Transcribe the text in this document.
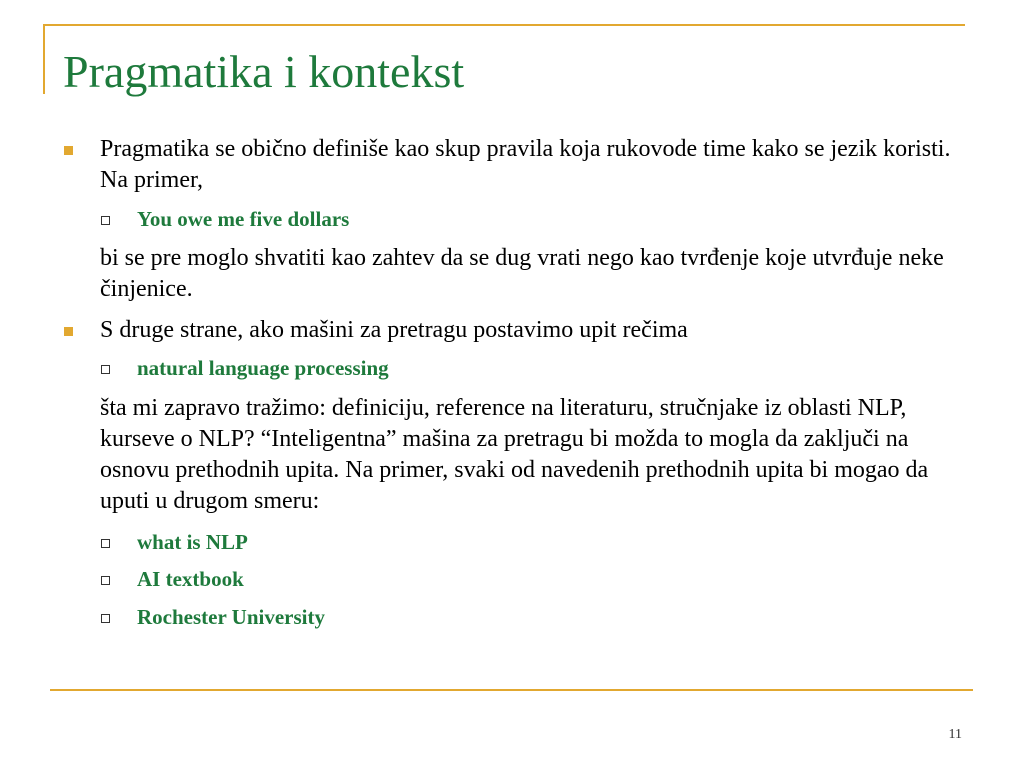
Pragmatika i kontekst
Pragmatika se obično definiše kao skup pravila koja rukovode time kako se jezik koristi. Na primer,
You owe me five dollars
bi se pre moglo shvatiti kao zahtev da se dug vrati nego kao tvrđenje koje utvrđuje neke činjenice.
S druge strane, ako mašini za pretragu postavimo upit rečima
natural language processing
šta mi zapravo tražimo: definiciju, reference na literaturu, stručnjake iz oblasti NLP, kurseve o NLP? “Inteligentna” mašina za pretragu bi možda to mogla da zaključi na osnovu prethodnih upita. Na primer, svaki od navedenih prethodnih upita bi mogao da uputi u drugom smeru:
what is NLP
AI textbook
Rochester University
11
